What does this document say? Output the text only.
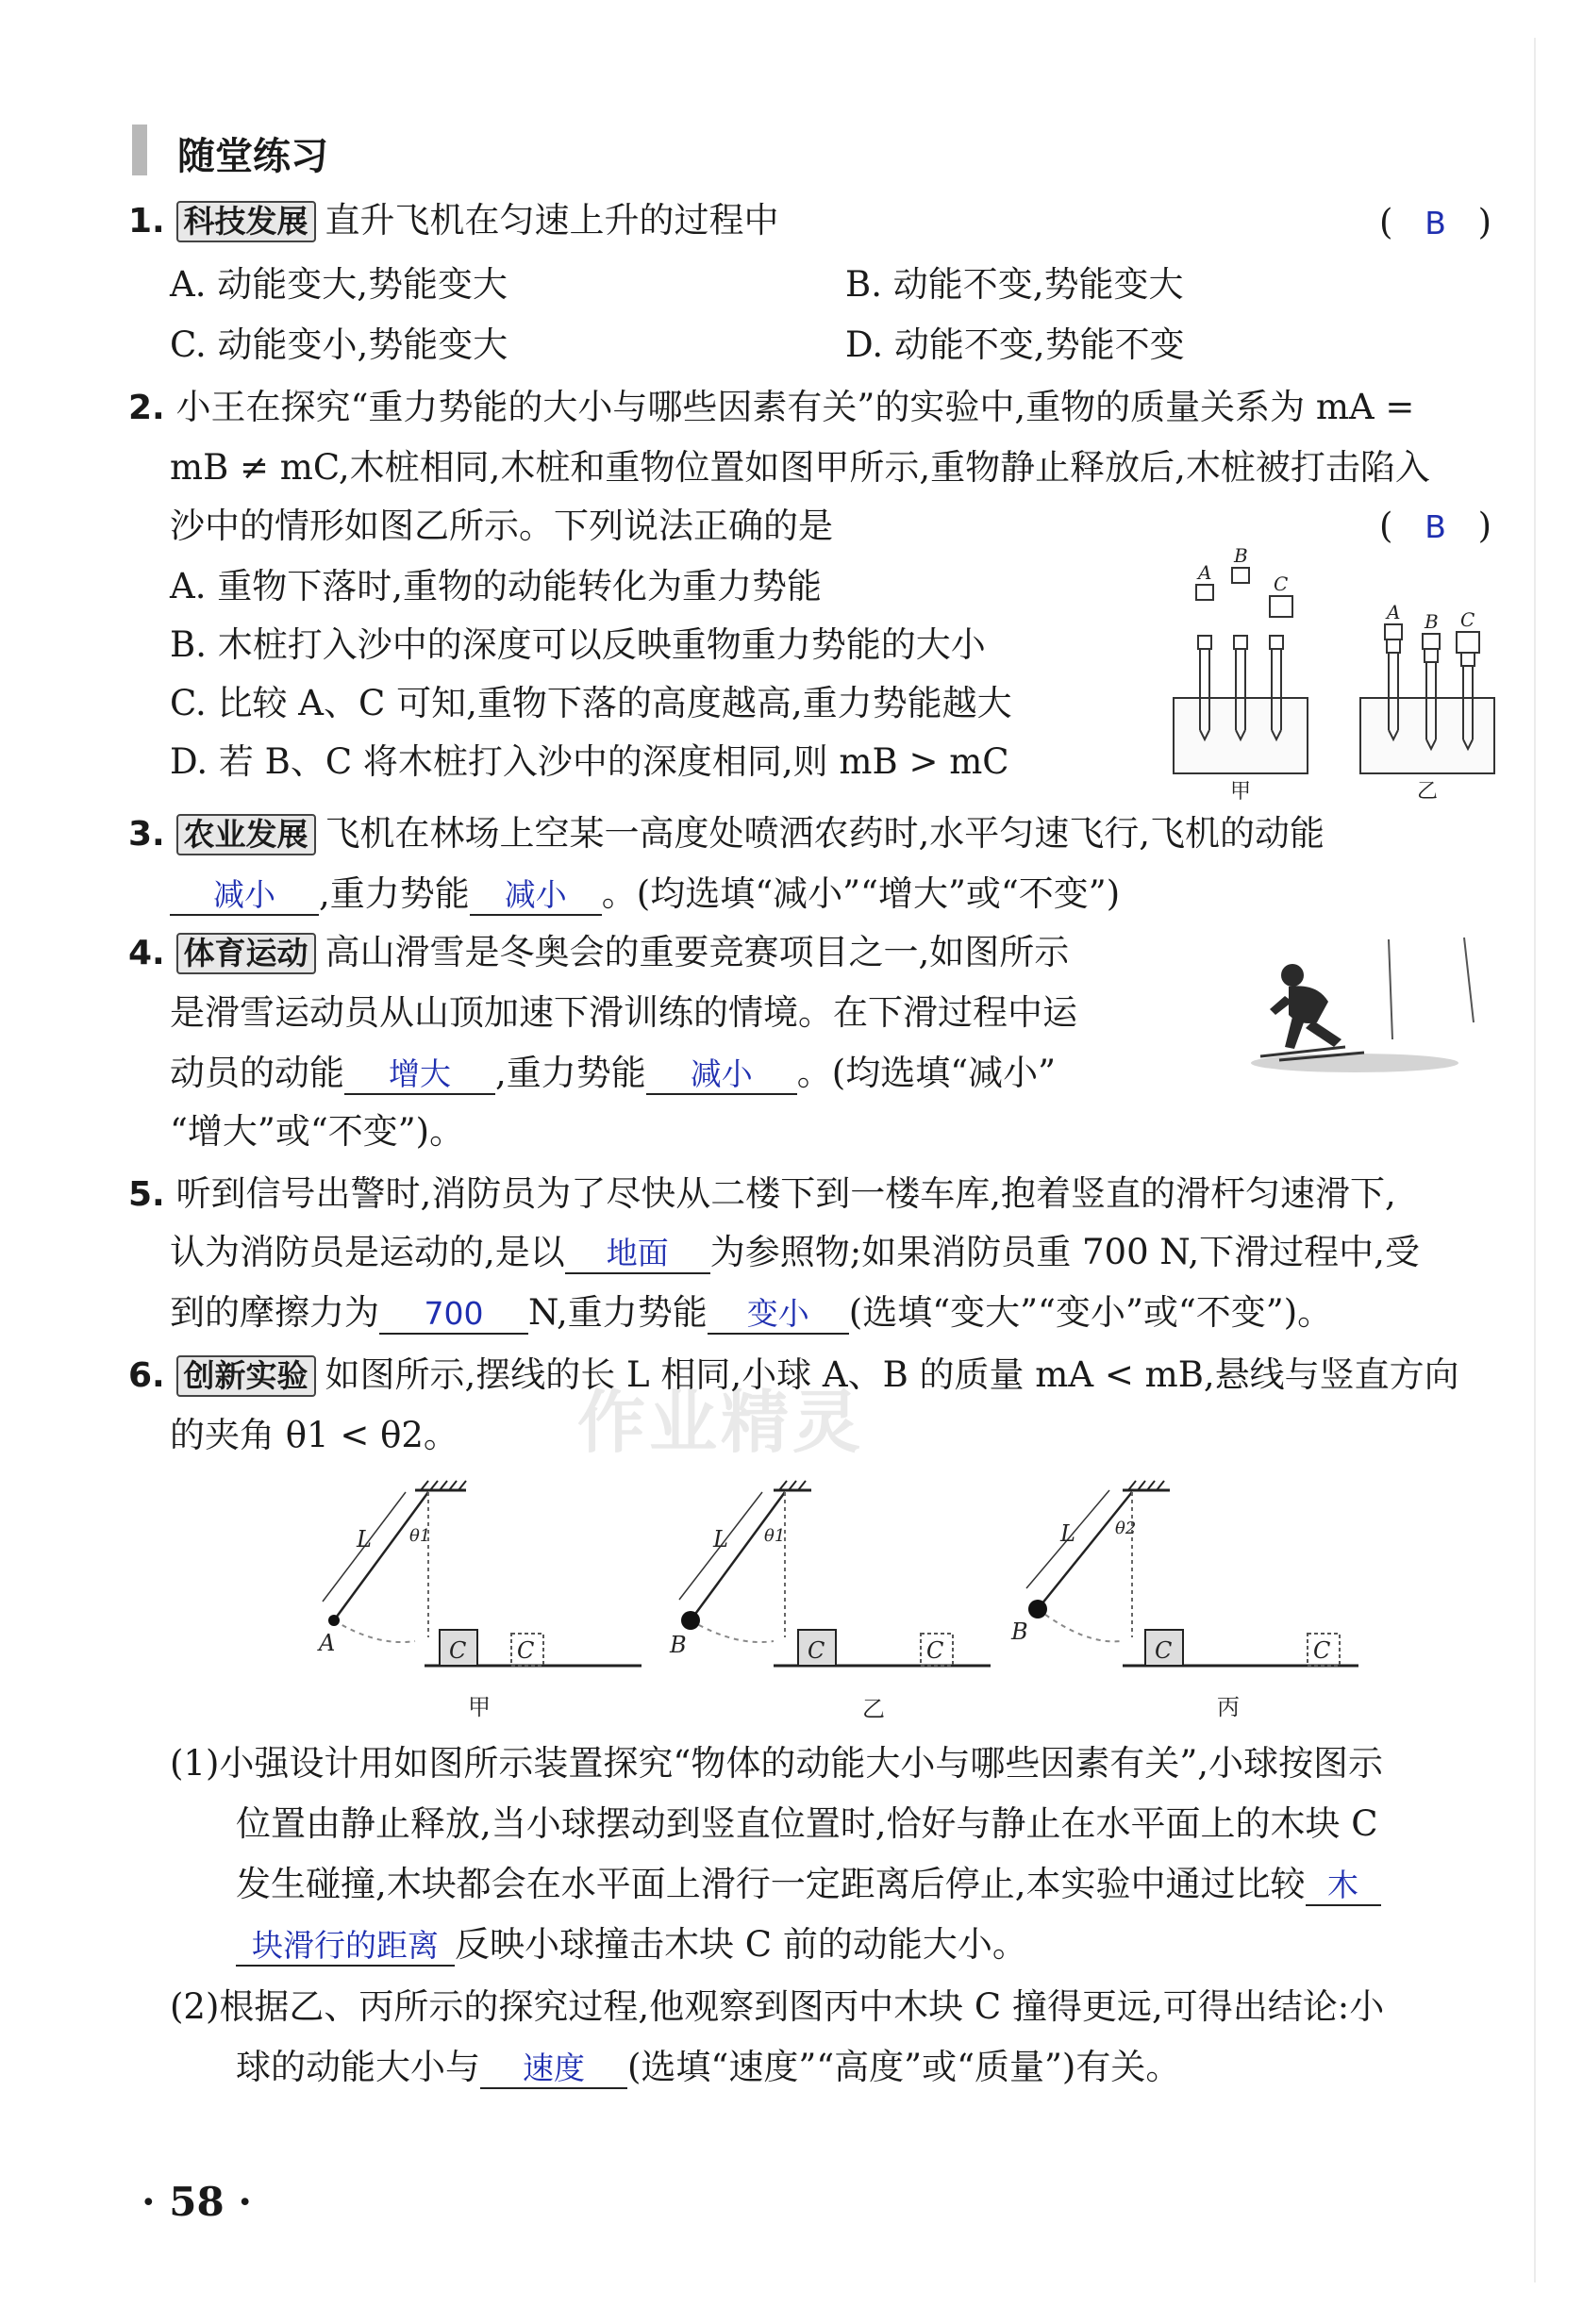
作业精灵
随堂练习
1. 科技发展 直升飞机在匀速上升的过程中	( B )
A. 动能变大,势能变大	B. 动能不变,势能变大
C. 动能变小,势能变大	D. 动能不变,势能不变
2. 小王在探究“重力势能的大小与哪些因素有关”的实验中,重物的质量关系为 mA =
mB ≠ mC,木桩相同,木桩和重物位置如图甲所示,重物静止释放后,木桩被打击陷入
沙中的情形如图乙所示。下列说法正确的是	( B )
A. 重物下落时,重物的动能转化为重力势能
B. 木桩打入沙中的深度可以反映重物重力势能的大小
C. 比较 A、C 可知,重物下落的高度越高,重力势能越大
D. 若 B、C 将木桩打入沙中的深度相同,则 mB > mC
A
B
C
A B C
甲	乙
3. 农业发展 飞机在林场上空某一高度处喷洒农药时,水平匀速飞行,飞机的动能
减小 ,重力势能 减小 。(均选填“减小”“增大”或“不变”)
4. 体育运动 高山滑雪是冬奥会的重要竞赛项目之一,如图所示
是滑雪运动员从山顶加速下滑训练的情境。在下滑过程中运
动员的动能 增大 ,重力势能 减小 。(均选填“减小”
“增大”或“不变”)。
5. 听到信号出警时,消防员为了尽快从二楼下到一楼车库,抱着竖直的滑杆匀速滑下,
认为消防员是运动的,是以 地面 为参照物;如果消防员重 700 N,下滑过程中,受
到的摩擦力为 700 N,重力势能 变小 (选填“变大”“变小”或“不变”)。
6. 创新实验 如图所示,摆线的长 L 相同,小球 A、B 的质量 mA < mB,悬线与竖直方向
的夹角 θ1 < θ2。
L	L	L
A	B	B
C C	C	C	C	C
θ1	θ1	θ2
甲	乙	丙
(1)小强设计用如图所示装置探究“物体的动能大小与哪些因素有关”,小球按图示
位置由静止释放,当小球摆动到竖直位置时,恰好与静止在水平面上的木块 C
发生碰撞,木块都会在水平面上滑行一定距离后停止,本实验中通过比较 木
块滑行的距离 反映小球撞击木块 C 前的动能大小。
(2)根据乙、丙所示的探究过程,他观察到图丙中木块 C 撞得更远,可得出结论:小
球的动能大小与 速度 (选填“速度”“高度”或“质量”)有关。
· 58 ·
